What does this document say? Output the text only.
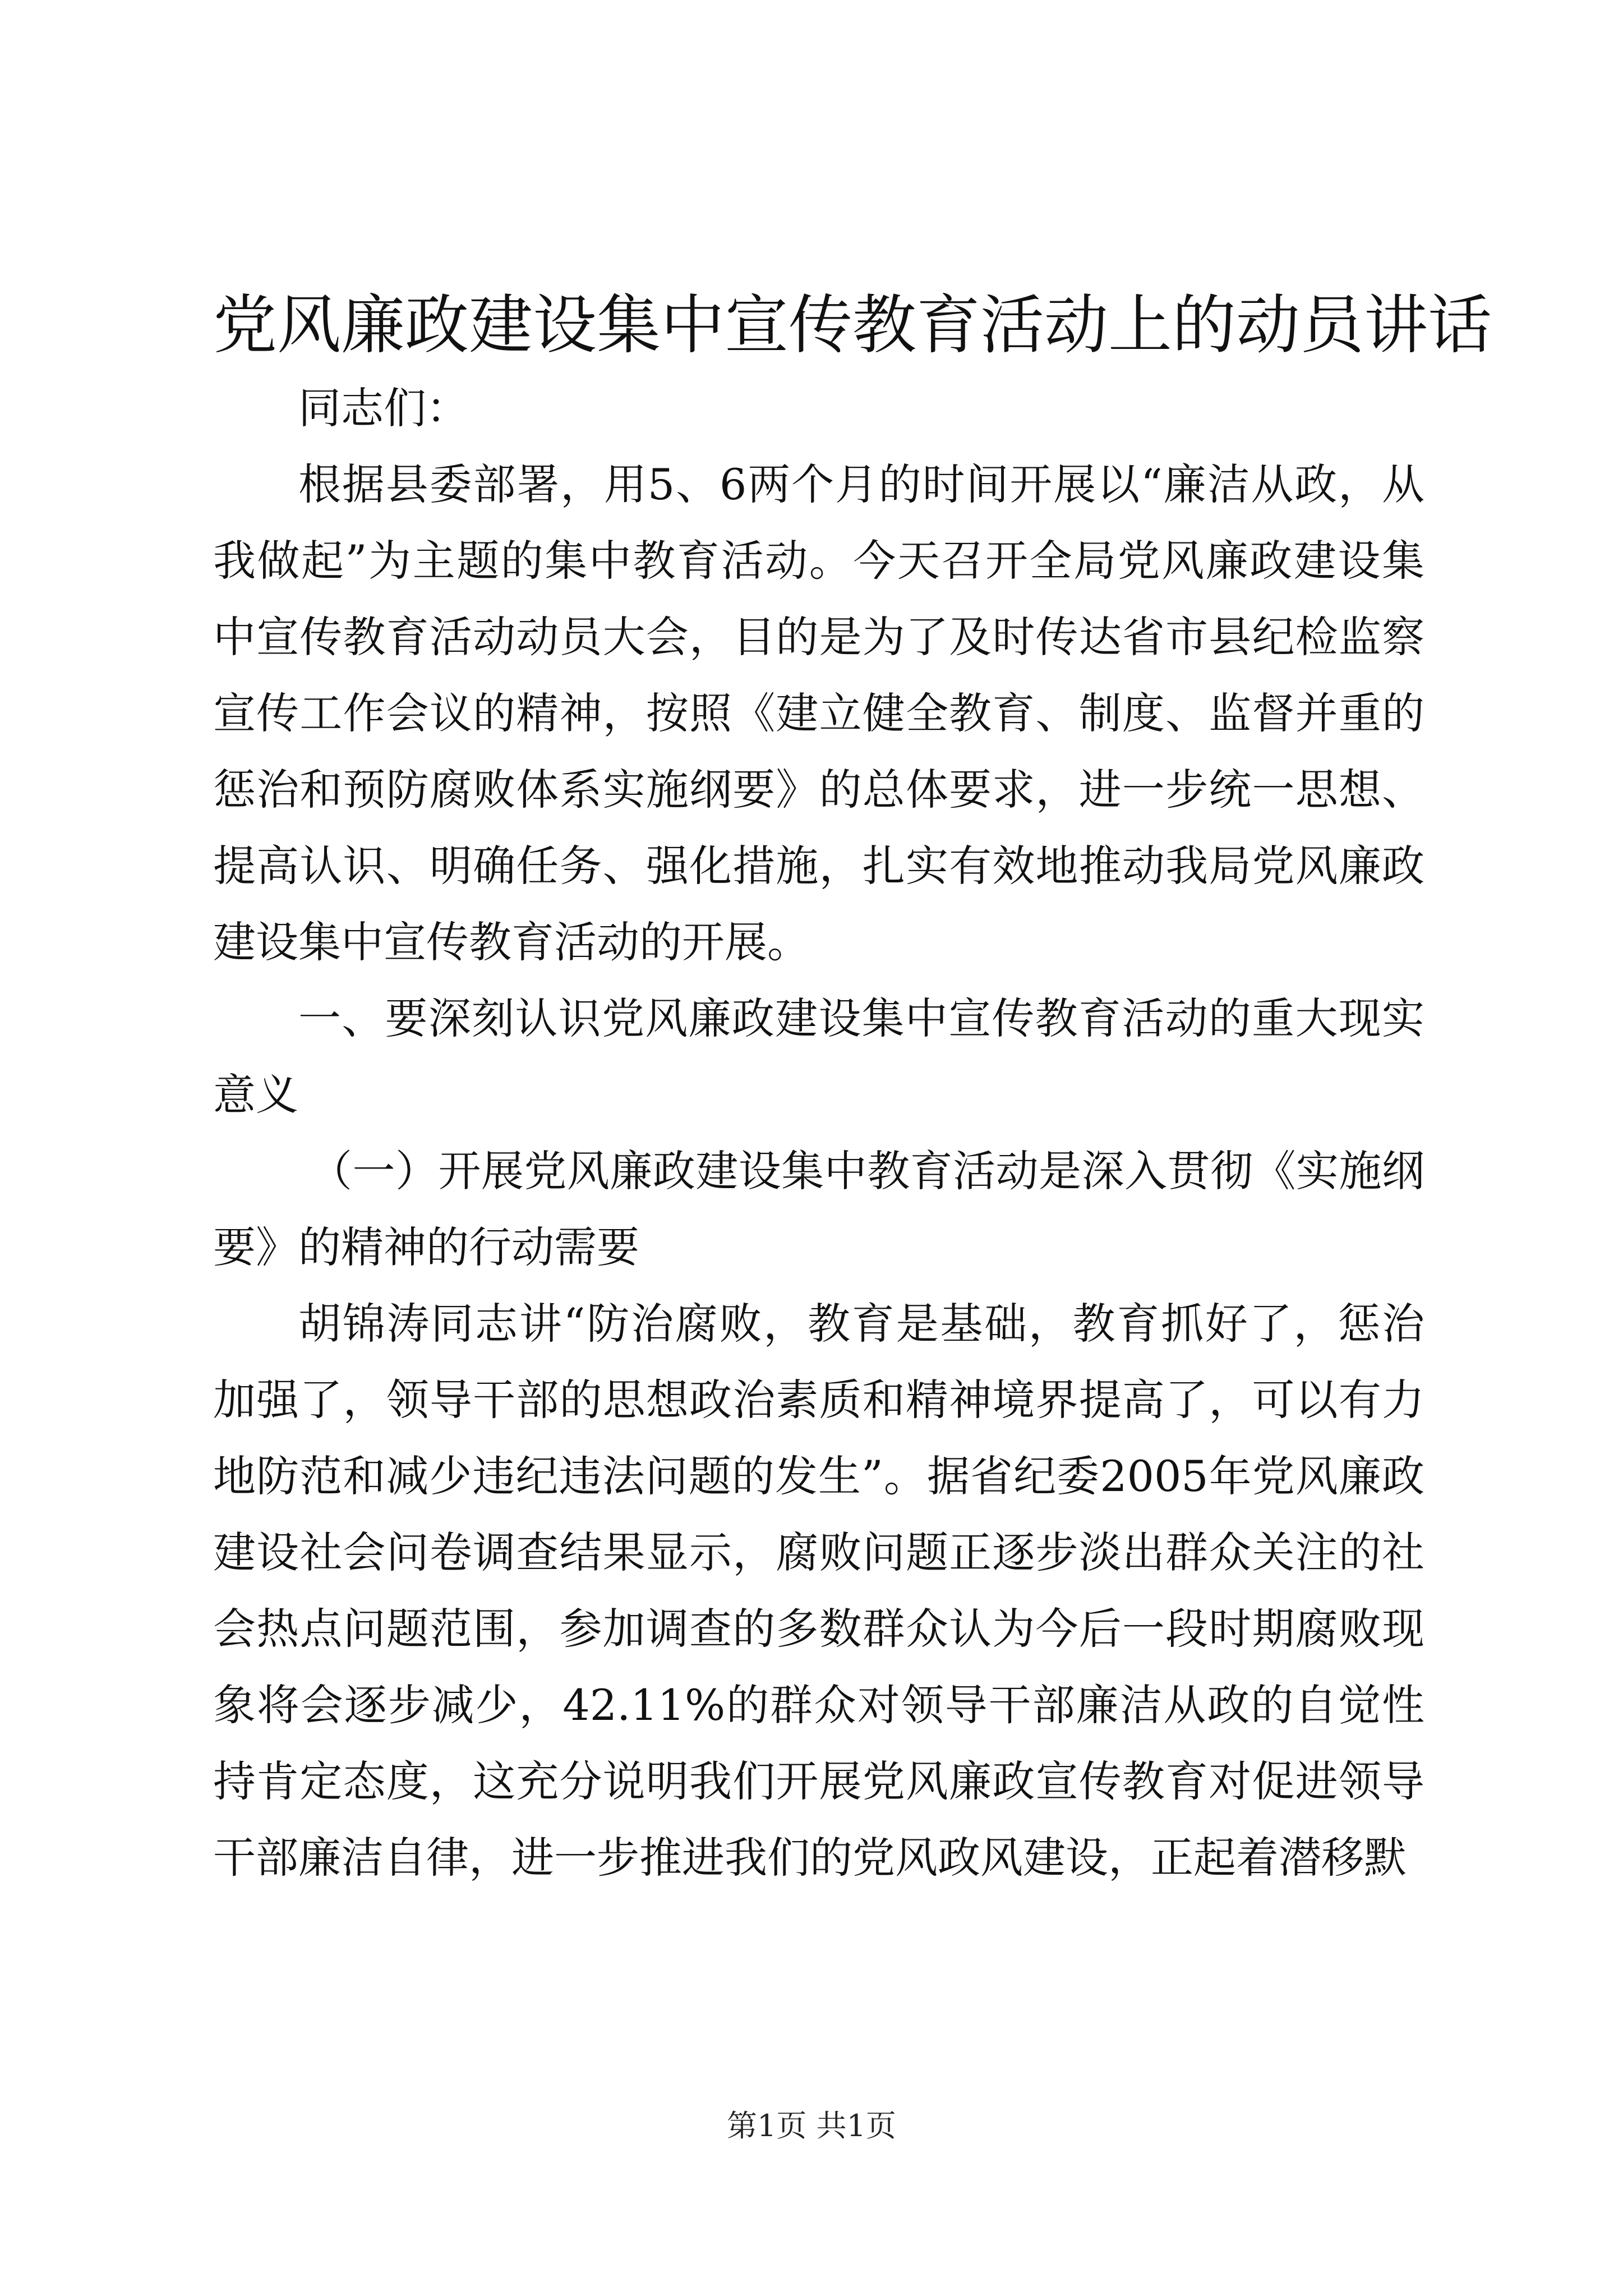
党风廉政建设集中宣传教育活动上的动员讲话

同志们：

根据县委部署，用5、6两个月的时间开展以“廉洁从政，从我做起”为主题的集中教育活动。今天召开全局党风廉政建设集中宣传教育活动动员大会，目的是为了及时传达省市县纪检监察宣传工作会议的精神，按照《建立健全教育、制度、监督并重的惩治和预防腐败体系实施纲要》的总体要求，进一步统一思想、提高认识、明确任务、强化措施，扎实有效地推动我局党风廉政建设集中宣传教育活动的开展。

一、要深刻认识党风廉政建设集中宣传教育活动的重大现实意义

（一）开展党风廉政建设集中教育活动是深入贯彻《实施纲要》的精神的行动需要

胡锦涛同志讲“防治腐败，教育是基础，教育抓好了，惩治加强了，领导干部的思想政治素质和精神境界提高了，可以有力地防范和减少违纪违法问题的发生”。据省纪委2005年党风廉政建设社会问卷调查结果显示，腐败问题正逐步淡出群众关注的社会热点问题范围，参加调查的多数群众认为今后一段时期腐败现象将会逐步减少，42.11%的群众对领导干部廉洁从政的自觉性持肯定态度，这充分说明我们开展党风廉政宣传教育对促进领导干部廉洁自律，进一步推进我们的党风政风建设，正起着潜移默

第1页 共1页
